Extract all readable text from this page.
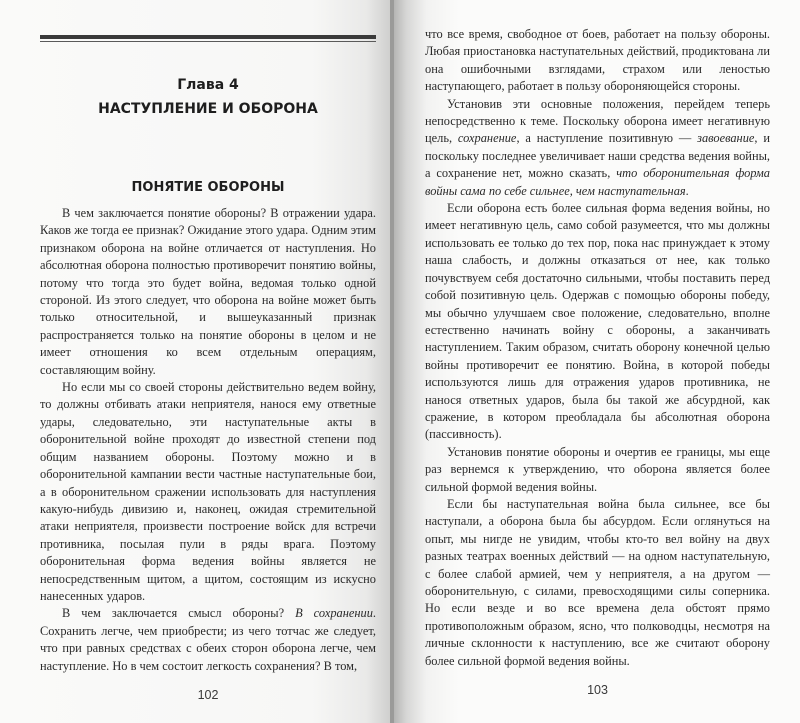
Глава 4
НАСТУПЛЕНИЕ И ОБОРОНА
ПОНЯТИЕ ОБОРОНЫ

В чем заключается понятие обороны? В отражении удара. Каков же тогда ее признак? Ожидание этого удара. Одним этим признаком оборона на войне отличается от наступления. Но абсолютная оборона полностью противоречит понятию войны, потому что тогда это будет война, ведомая только одной стороной. Из этого следует, что оборона на войне может быть только относительной, и вышеуказанный признак распространяется только на понятие обороны в целом и не имеет отношения ко всем отдельным операциям, составляющим войну.

Но если мы со своей стороны действительно ведем войну, то должны отбивать атаки неприятеля, нанося ему ответные удары, следовательно, эти наступательные акты в оборонительной войне проходят до известной степени под общим названием обороны. Поэтому можно и в оборонительной кампании вести частные наступательные бои, а в оборонительном сражении использовать для наступления какую-нибудь дивизию и, наконец, ожидая стремительной атаки неприятеля, произвести построение войск для встречи противника, посылая пули в ряды врага. Поэтому оборонительная форма ведения войны является не непосредственным щитом, а щитом, состоящим из искусно нанесенных ударов.

В чем заключается смысл обороны? В сохранении. Сохранить легче, чем приобрести; из чего тотчас же следует, что при равных средствах с обеих сторон оборона легче, чем наступление. Но в чем состоит легкость сохранения? В том,

102

что все время, свободное от боев, работает на пользу обороны. Любая приостановка наступательных действий, продиктована ли она ошибочными взглядами, страхом или леностью наступающего, работает в пользу обороняющейся стороны.

Установив эти основные положения, перейдем теперь непосредственно к теме. Поскольку оборона имеет негативную цель, сохранение, а наступление позитивную — завоевание, и поскольку последнее увеличивает наши средства ведения войны, а сохранение нет, можно сказать, что оборонительная форма войны сама по себе сильнее, чем наступательная.

Если оборона есть более сильная форма ведения войны, но имеет негативную цель, само собой разумеется, что мы должны использовать ее только до тех пор, пока нас принуждает к этому наша слабость, и должны отказаться от нее, как только почувствуем себя достаточно сильными, чтобы поставить перед собой позитивную цель. Одержав с помощью обороны победу, мы обычно улучшаем свое положение, следовательно, вполне естественно начинать войну с обороны, а заканчивать наступлением. Таким образом, считать оборону конечной целью войны противоречит ее понятию. Война, в которой победы используются лишь для отражения ударов противника, не нанося ответных ударов, была бы такой же абсурдной, как сражение, в котором преобладала бы абсолютная оборона (пассивность).

Установив понятие обороны и очертив ее границы, мы еще раз вернемся к утверждению, что оборона является более сильной формой ведения войны.

Если бы наступательная война была сильнее, все бы наступали, а оборона была бы абсурдом. Если оглянуться на опыт, мы нигде не увидим, чтобы кто-то вел войну на двух разных театрах военных действий — на одном наступательную, с более слабой армией, чем у неприятеля, а на другом — оборонительную, с силами, превосходящими силы соперника. Но если везде и во все времена дела обстоят прямо противоположным образом, ясно, что полководцы, несмотря на личные склонности к наступлению, все же считают оборону более сильной формой ведения войны.

103
